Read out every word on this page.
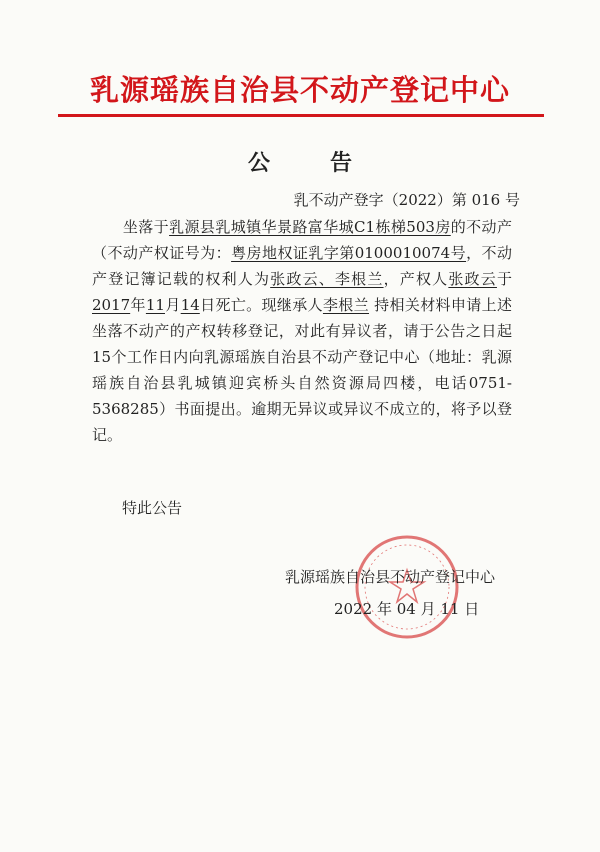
乳源瑶族自治县不动产登记中心
公	告
乳不动产登字（2022）第 016 号

　　坐落于乳源县乳城镇华景路富华城C1栋梯503房的不动产（不动产权证号为：粤房地权证乳字第0100010074号，不动产登记簿记载的权利人为张政云、李根兰，产权人张政云于2017年11月14日死亡。现继承人李根兰 持相关材料申请上述坐落不动产的产权转移登记，对此有异议者，请于公告之日起15个工作日内向乳源瑶族自治县不动产登记中心（地址：乳源瑶族自治县乳城镇迎宾桥头自然资源局四楼，电话0751-5368285）书面提出。逾期无异议或异议不成立的，将予以登记。

特此公告
乳源瑶族自治县不动产登记中心
2022 年 04 月 11 日
